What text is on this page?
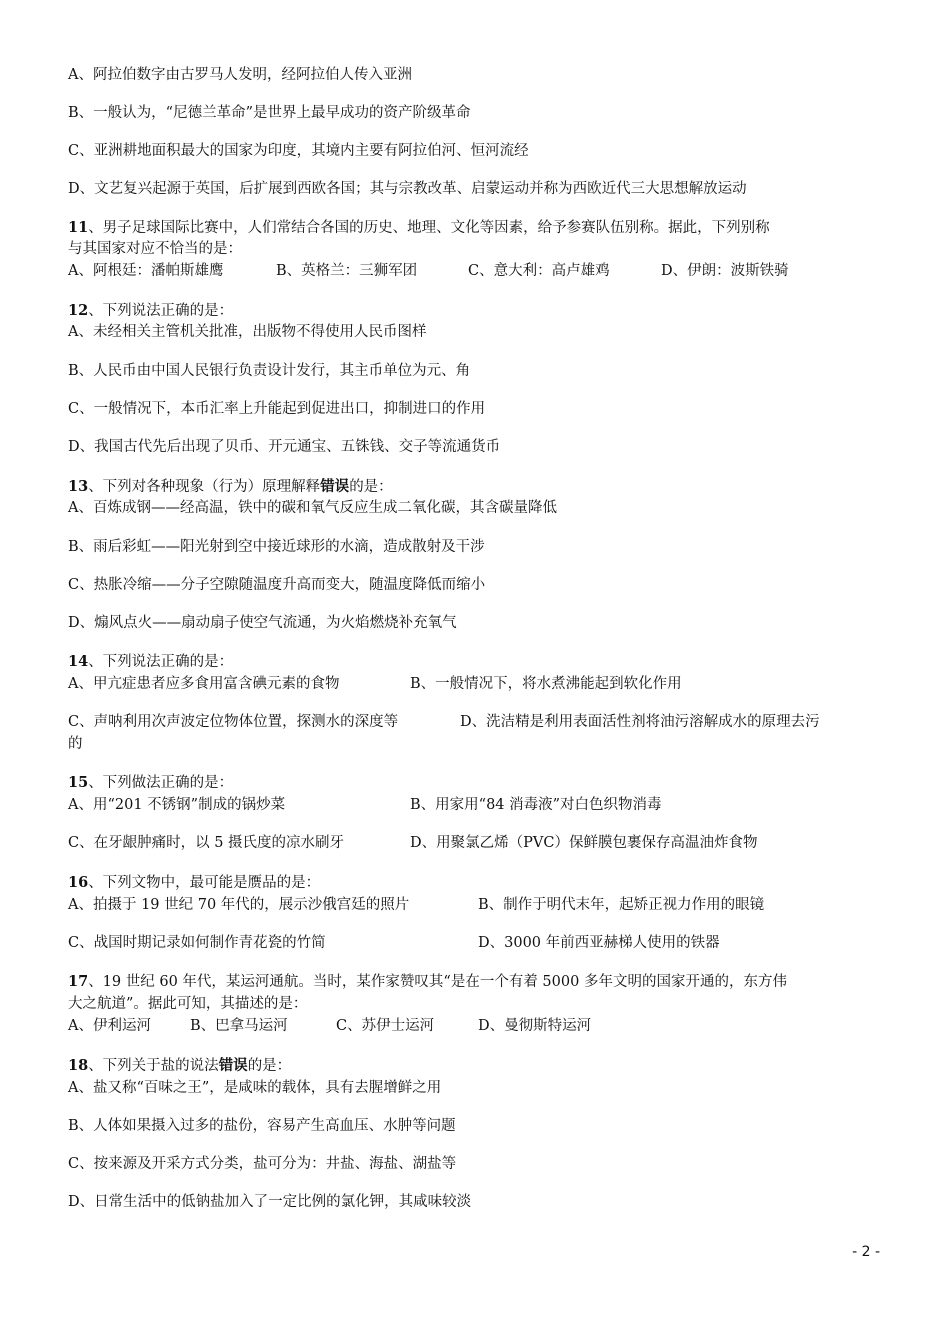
A、阿拉伯数字由古罗马人发明，经阿拉伯人传入亚洲
B、一般认为，“尼德兰革命”是世界上最早成功的资产阶级革命
C、亚洲耕地面积最大的国家为印度，其境内主要有阿拉伯河、恒河流经
D、文艺复兴起源于英国，后扩展到西欧各国；其与宗教改革、启蒙运动并称为西欧近代三大思想解放运动
11、男子足球国际比赛中，人们常结合各国的历史、地理、文化等因素，给予参赛队伍别称。据此，下列别称
与其国家对应不恰当的是：
A、阿根廷：潘帕斯雄鹰	B、英格兰：三狮军团	C、意大利：高卢雄鸡	D、伊朗：波斯铁骑
12、下列说法正确的是：
A、未经相关主管机关批准，出版物不得使用人民币图样
B、人民币由中国人民银行负责设计发行，其主币单位为元、角
C、一般情况下，本币汇率上升能起到促进出口，抑制进口的作用
D、我国古代先后出现了贝币、开元通宝、五铢钱、交子等流通货币
13、下列对各种现象（行为）原理解释错误的是：
A、百炼成钢——经高温，铁中的碳和氧气反应生成二氧化碳，其含碳量降低
B、雨后彩虹——阳光射到空中接近球形的水滴，造成散射及干涉
C、热胀冷缩——分子空隙随温度升高而变大，随温度降低而缩小
D、煽风点火——扇动扇子使空气流通，为火焰燃烧补充氧气
14、下列说法正确的是：
A、甲亢症患者应多食用富含碘元素的食物	B、一般情况下，将水煮沸能起到软化作用
C、声呐利用次声波定位物体位置，探测水的深度等	D、洗洁精是利用表面活性剂将油污溶解成水的原理去污
的
15、下列做法正确的是：
A、用“201 不锈钢”制成的锅炒菜	B、用家用“84 消毒液”对白色织物消毒
C、在牙龈肿痛时，以 5 摄氏度的凉水刷牙	D、用聚氯乙烯（PVC）保鲜膜包裹保存高温油炸食物
16、下列文物中，最可能是赝品的是：
A、拍摄于 19 世纪 70 年代的，展示沙俄宫廷的照片	B、制作于明代末年，起矫正视力作用的眼镜
C、战国时期记录如何制作青花瓷的竹简	D、3000 年前西亚赫梯人使用的铁器
17、19 世纪 60 年代，某运河通航。当时，某作家赞叹其“是在一个有着 5000 多年文明的国家开通的，东方伟
大之航道”。据此可知，其描述的是：
A、伊利运河	B、巴拿马运河	C、苏伊士运河	D、曼彻斯特运河
18、下列关于盐的说法错误的是：
A、盐又称“百味之王”，是咸味的载体，具有去腥增鲜之用
B、人体如果摄入过多的盐份，容易产生高血压、水肿等问题
C、按来源及开采方式分类，盐可分为：井盐、海盐、湖盐等
D、日常生活中的低钠盐加入了一定比例的氯化钾，其咸味较淡
- 2 -
